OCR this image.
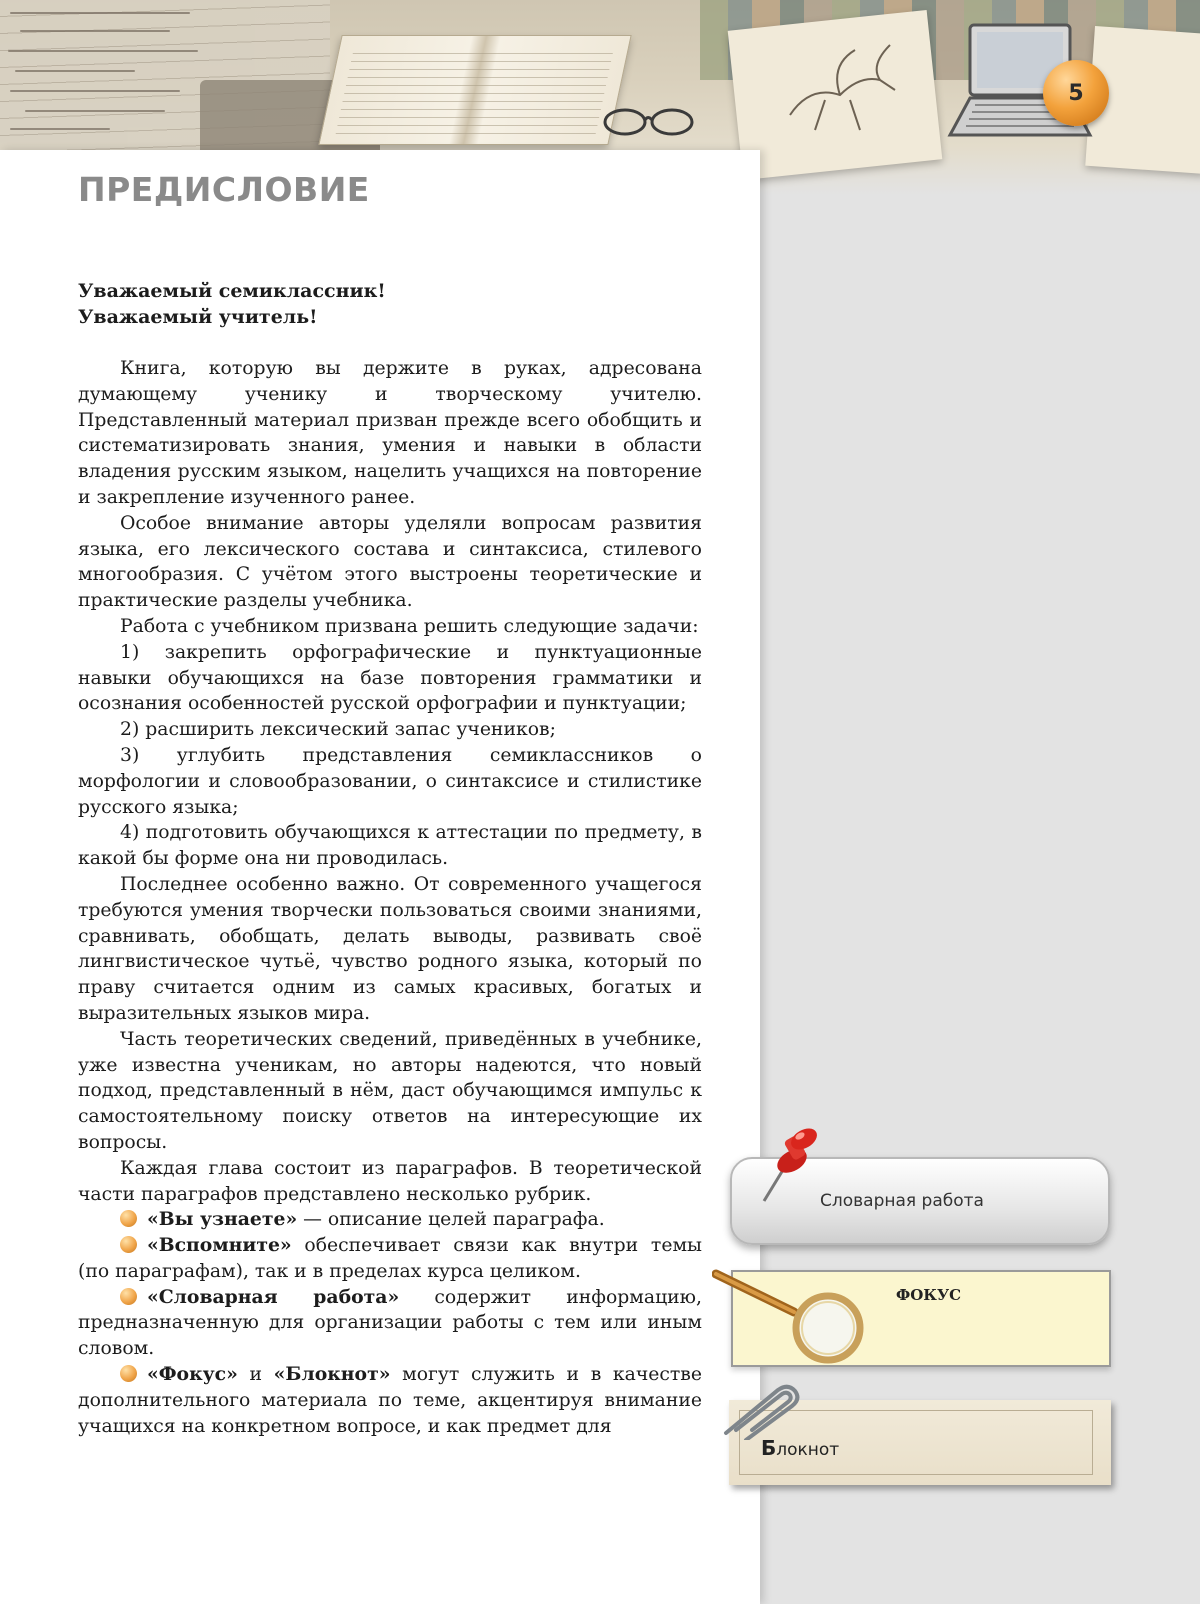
5
ПРЕДИСЛОВИЕ
Уважаемый семиклассник!
Уважаемый учитель!

Книга, которую вы держите в руках, адресована думающему ученику и творческому учителю. Представленный материал призван прежде всего обобщить и систематизировать знания, умения и навыки в области владения русским языком, нацелить учащихся на повторение и закрепление изученного ранее.

Особое внимание авторы уделяли вопросам развития языка, его лексического состава и синтаксиса, стилевого многообразия. С учётом этого выстроены теоретические и практические разделы учебника.

Работа с учебником призвана решить следующие задачи:

1) закрепить орфографические и пунктуационные навыки обучающихся на базе повторения грамматики и осознания особенностей русской орфографии и пунктуации;

2) расширить лексический запас учеников;

3) углубить представления семиклассников о морфологии и словообразовании, о синтаксисе и стилистике русского языка;

4) подготовить обучающихся к аттестации по предмету, в какой бы форме она ни проводилась.

Последнее особенно важно. От современного учащегося требуются умения творчески пользоваться своими знаниями, сравнивать, обобщать, делать выводы, развивать своё лингвистическое чутьё, чувство родного языка, который по праву считается одним из самых красивых, богатых и выразительных языков мира.

Часть теоретических сведений, приведённых в учебнике, уже известна ученикам, но авторы надеются, что новый подход, представленный в нём, даст обучающимся импульс к самостоятельному поиску ответов на интересующие их вопросы.

Каждая глава состоит из параграфов. В теоретической части параграфов представлено несколько рубрик.

«Вы узнаете» — описание целей параграфа.

«Вспомните» обеспечивает связи как внутри темы (по параграфам), так и в пределах курса целиком.

«Словарная работа» содержит информацию, предназначенную для организации работы с тем или иным словом.

«Фокус» и «Блокнот» могут служить и в качестве дополнительного материала по теме, акцентируя внимание учащихся на конкретном вопросе, и как предмет для

Словарная работа
ФОКУС
Блокнот
